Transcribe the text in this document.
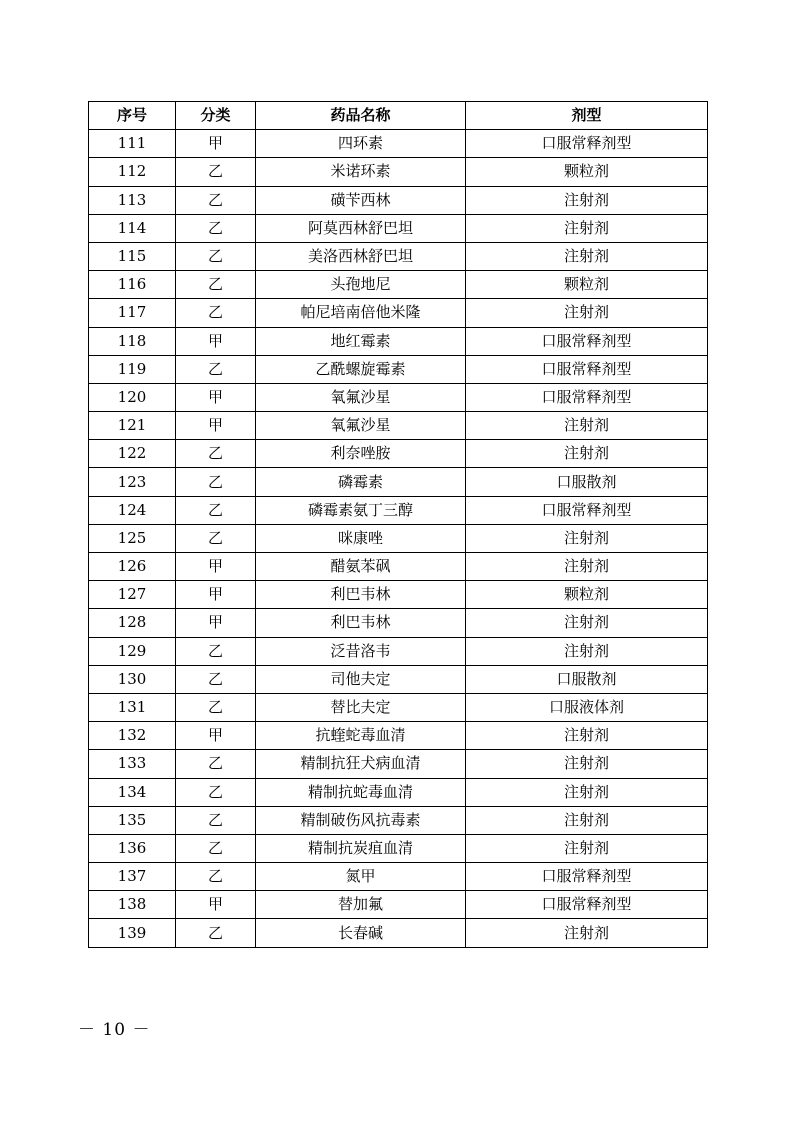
序号	分类	药品名称	剂型
111	甲	四环素	口服常释剂型
112	乙	米诺环素	颗粒剂
113	乙	磺苄西林	注射剂
114	乙	阿莫西林舒巴坦	注射剂
115	乙	美洛西林舒巴坦	注射剂
116	乙	头孢地尼	颗粒剂
117	乙	帕尼培南倍他米隆	注射剂
118	甲	地红霉素	口服常释剂型
119	乙	乙酰螺旋霉素	口服常释剂型
120	甲	氧氟沙星	口服常释剂型
121	甲	氧氟沙星	注射剂
122	乙	利奈唑胺	注射剂
123	乙	磷霉素	口服散剂
124	乙	磷霉素氨丁三醇	口服常释剂型
125	乙	咪康唑	注射剂
126	甲	醋氨苯砜	注射剂
127	甲	利巴韦林	颗粒剂
128	甲	利巴韦林	注射剂
129	乙	泛昔洛韦	注射剂
130	乙	司他夫定	口服散剂
131	乙	替比夫定	口服液体剂
132	甲	抗蝰蛇毒血清	注射剂
133	乙	精制抗狂犬病血清	注射剂
134	乙	精制抗蛇毒血清	注射剂
135	乙	精制破伤风抗毒素	注射剂
136	乙	精制抗炭疽血清	注射剂
137	乙	氮甲	口服常释剂型
138	甲	替加氟	口服常释剂型
139	乙	长春碱	注射剂
－ 10 －
